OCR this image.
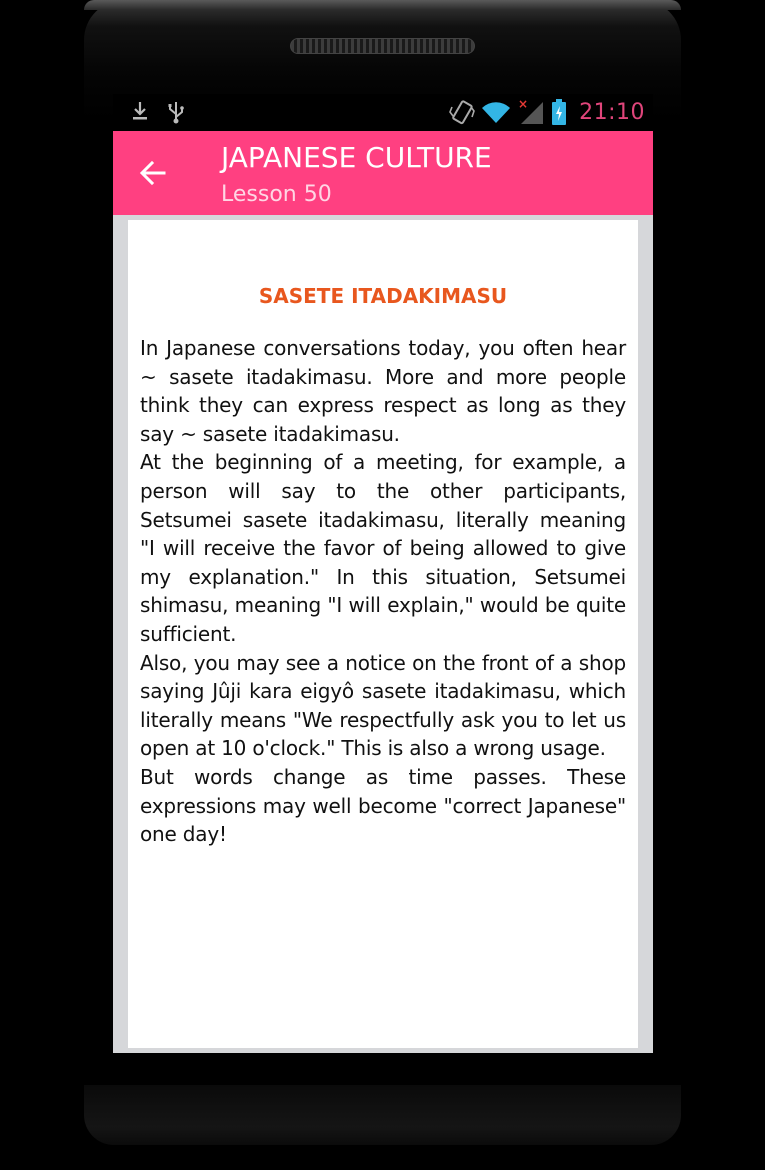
× 21:10
JAPANESE CULTURE
Lesson 50
SASETE ITADAKIMASU

In Japanese conversations today, you often hear ~ sasete itadakimasu. More and more people think they can express respect as long as they say ~ sasete itadakimasu.

At the beginning of a meeting, for example, a person will say to the other participants, Setsumei sasete itadakimasu, literally meaning "I will receive the favor of being allowed to give my explanation." In this situation, Setsumei shimasu, meaning "I will explain," would be quite sufficient.

Also, you may see a notice on the front of a shop saying Jûji kara eigyô sasete itadakimasu, which literally means "We respectfully ask you to let us open at 10 o'clock." This is also a wrong usage.

But words change as time passes. These expressions may well become "correct Japanese" one day!
